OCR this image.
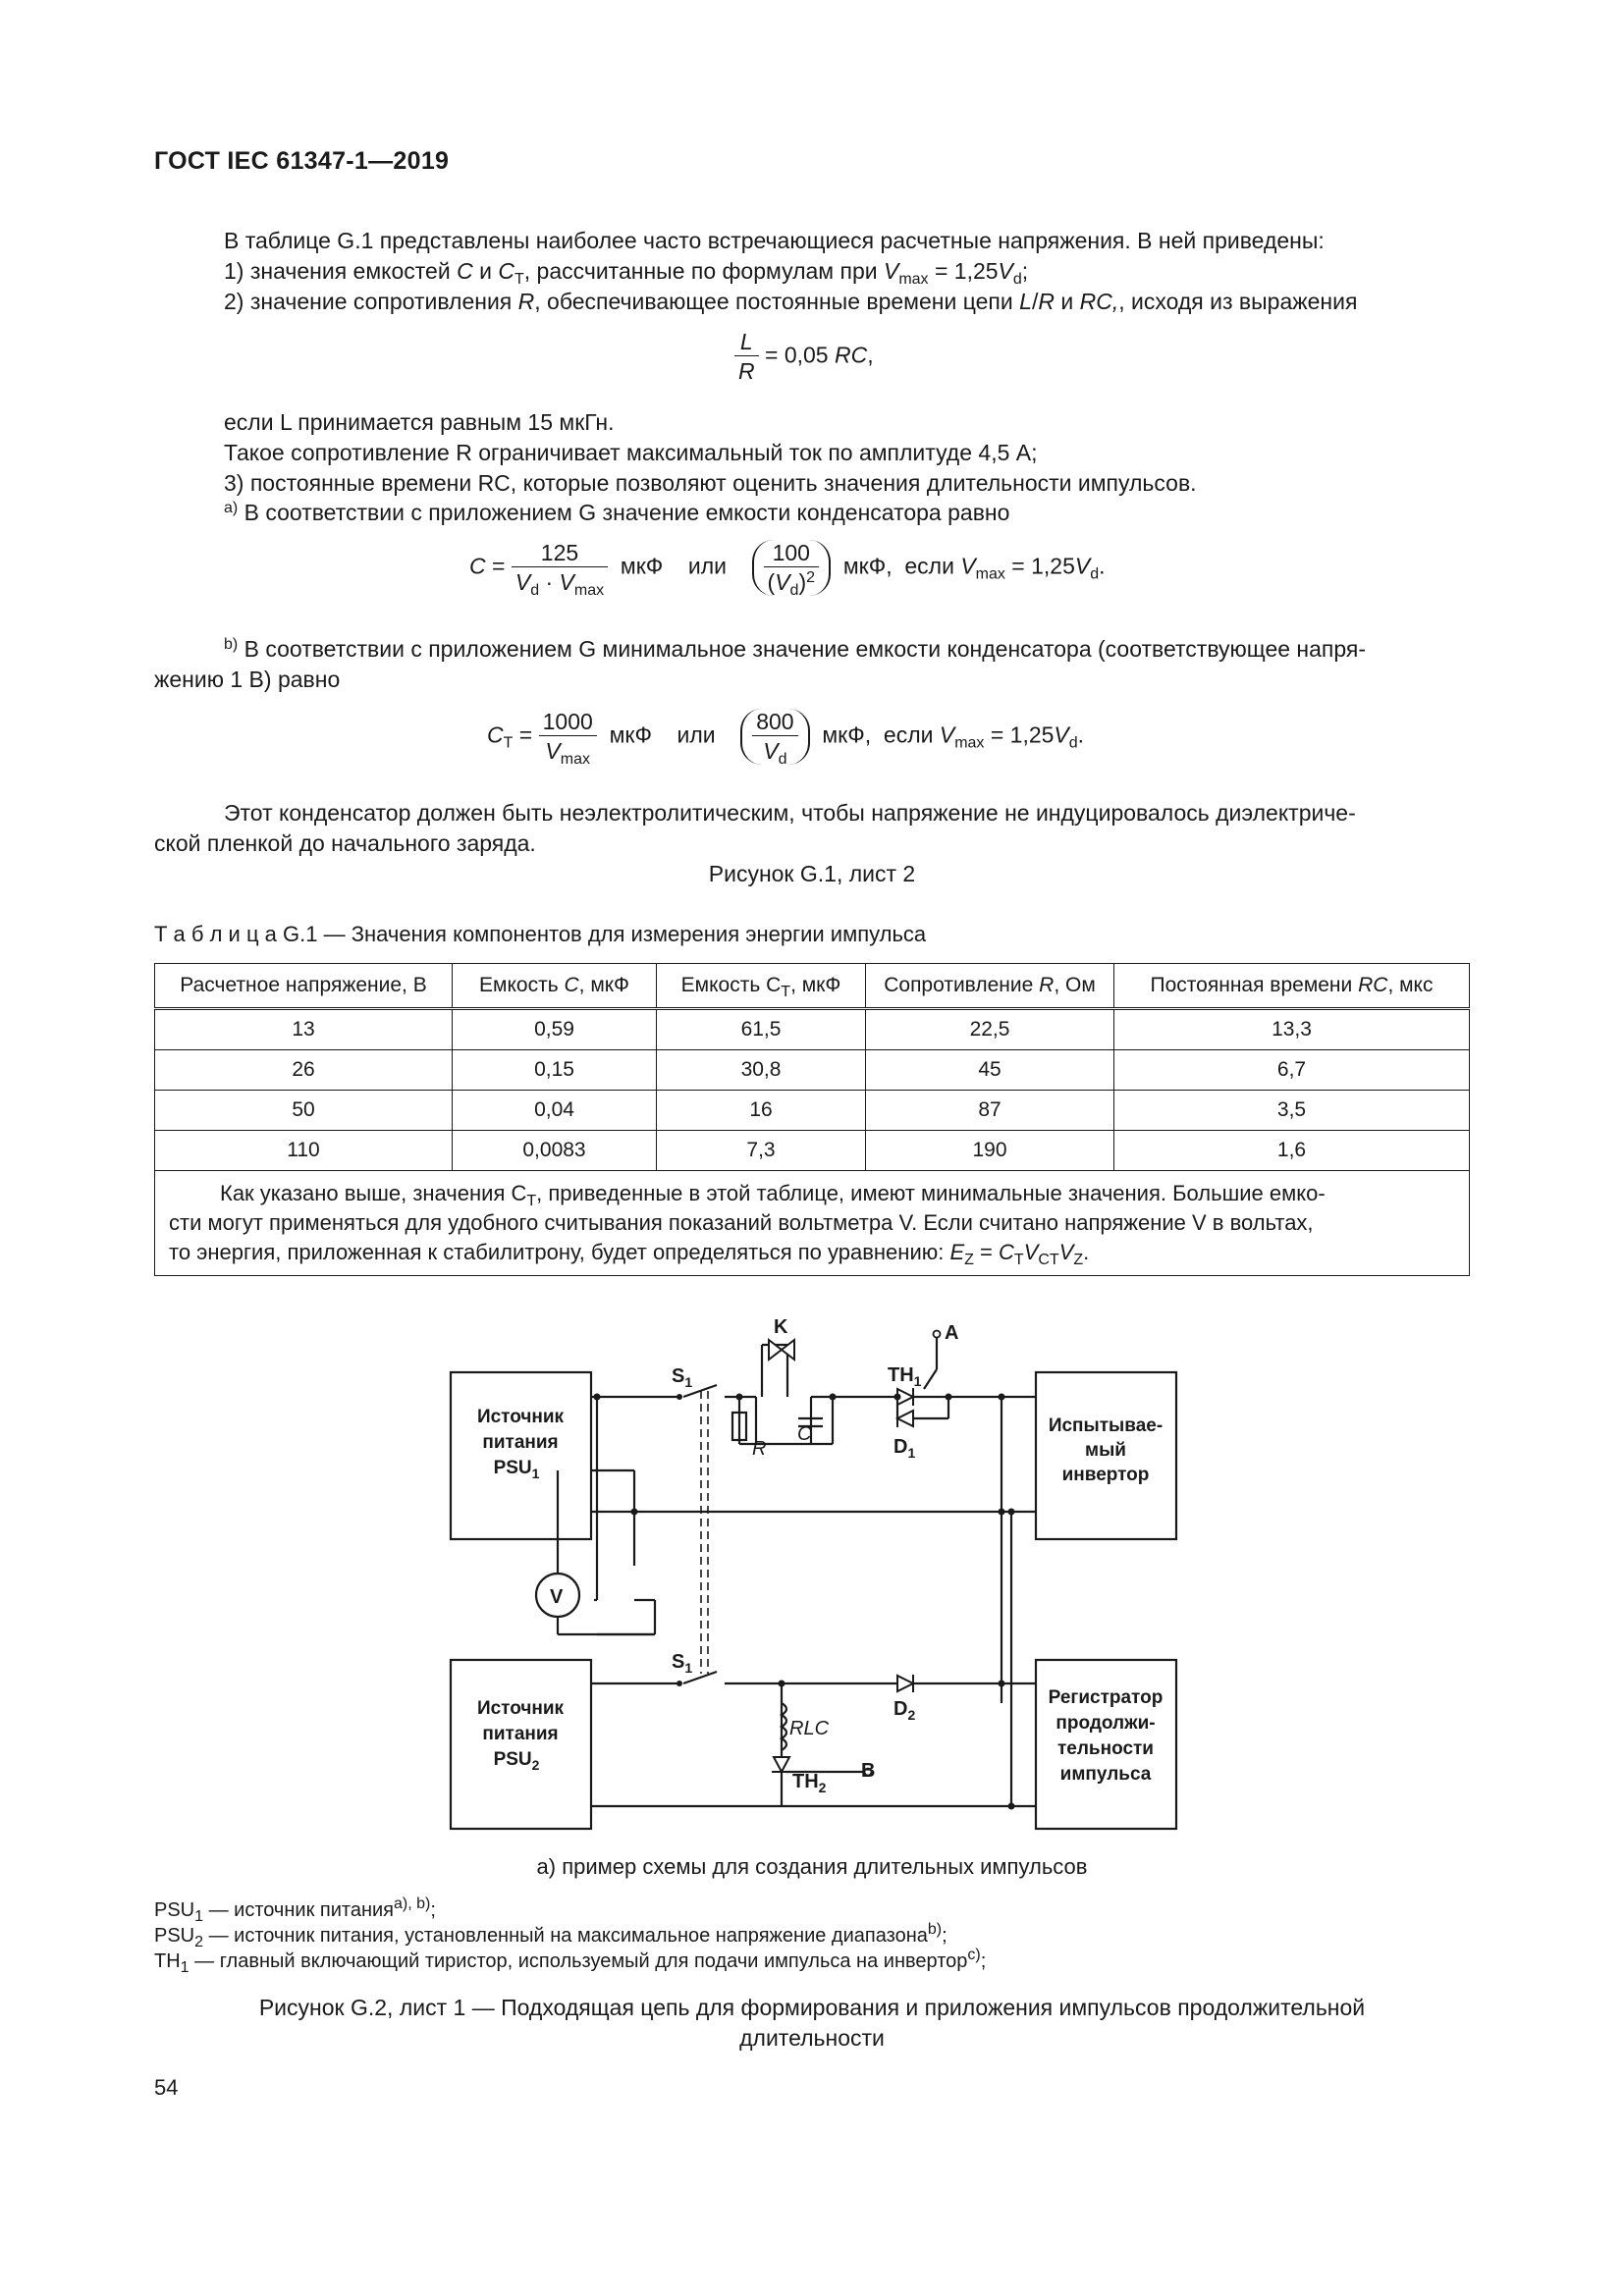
ГОСТ IEC 61347-1—2019
В таблице G.1 представлены наиболее часто встречающиеся расчетные напряжения. В ней приведены:
1) значения емкостей C и $C_T$, рассчитанные по формулам при $V_{max} = 1,25V_d$;
2) значение сопротивления R, обеспечивающее постоянные времени цепи L/R и RC,, исходя из выражения
$\frac{L}{R} = 0,05$ RC,
если L принимается равным 15 мкГн.
Такое сопротивление R ограничивает максимальный ток по амплитуде 4,5 А;
3) постоянные времени RC, которые позволяют оценить значения длительности импульсов.
$^{a)}$ В соответствии с приложением G значение емкости конденсатора равно
$C = \frac{125}{V_d \cdot V_{max}}$ мкФ или $\frac{100}{(V_d)^2}$ мкФ,  если $V_{max} = 1,25V_d$.
$^{b)}$ В соответствии с приложением G минимальное значение емкости конденсатора (соответствующее напря-
жению 1 В) равно
$C_T = \frac{1000}{V_{max}}$ мкФ или $\frac{800}{V_d}$ мкФ,  если $V_{max} = 1,25V_d$.
Этот конденсатор должен быть неэлектролитическим, чтобы напряжение не индуцировалось диэлектриче-
ской пленкой до начального заряда.
Рисунок G.1, лист 2
Т а б л и ц а G.1 — Значения компонентов для измерения энергии импульса
Расчетное напряжение, В	Емкость C, мкФ	Емкость $C_T$, мкФ	Сопротивление R, Ом	Постоянная времени RC, мкс
13	0,59	61,5	22,5	13,3
26	0,15	30,8	45	6,7
50	0,04	16	87	3,5
110	0,0083	7,3	190	1,6
Как указано выше, значения $C_T$, приведенные в этой таблице, имеют минимальные значения. Большие емко-
сти могут применяться для удобного считывания показаний вольтметра V. Если считано напряжение V в вольтах,
то энергия, приложенная к стабилитрону, будет определяться по уравнению: $E_Z = C_TV_{CT}V_Z$.				
Источник
питания
$PSU_1$
Источник
питания
$PSU_2$
Испытывае-
мый
инвертор
Регистратор
продолжи-
тельности
импульса
$S_1$
$S_1$
K	A
$TH_1$
$D_1$
$D_2$
V
$TH_2$
B
R
C
RLC
а) пример схемы для создания длительных импульсов
$PSU_1$ — источник питания$^{a), b)}$;
$PSU_2$ — источник питания, установленный на максимальное напряжение диапазона$^{b)}$;
$TH_1$ — главный включающий тиристор, используемый для подачи импульса на инвертор$^{c)}$;
Рисунок G.2, лист 1 — Подходящая цепь для формирования и приложения импульсов продолжительной
длительности
54
